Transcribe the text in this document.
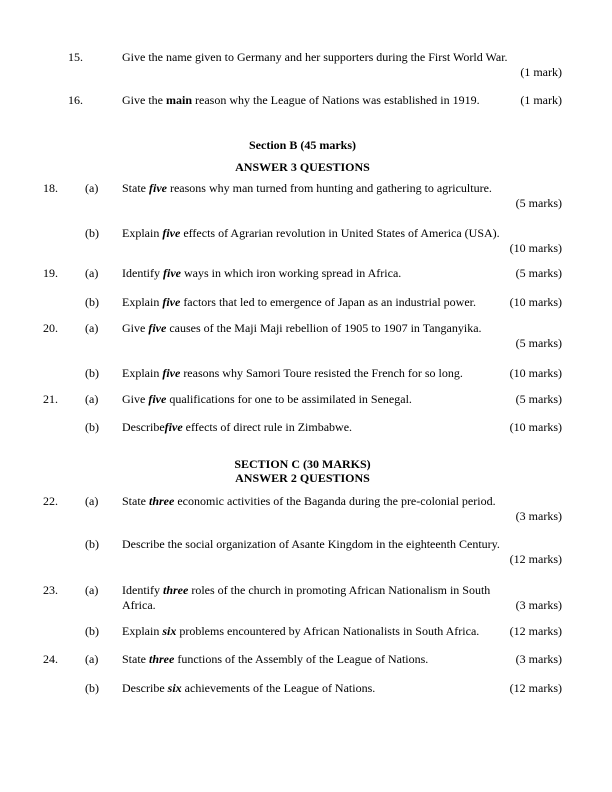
15.	Give the name given to Germany and her supporters during the First World War.
(1 mark)
16.	Give the main reason why the League of Nations was established in 1919.	(1 mark)
Section B (45 marks)
ANSWER 3 QUESTIONS
18.	(a)	State five reasons why man turned from hunting and gathering to agriculture.
(5 marks)
(b)	Explain five effects of Agrarian revolution in United States of America (USA).
(10 marks)
19.	(a)	Identify five ways in which iron working spread in Africa.	(5 marks)
(b)	Explain five factors that led to emergence of Japan as an industrial power.	(10 marks)
20.	(a)	Give five causes of the Maji Maji rebellion of 1905 to 1907 in Tanganyika.
(5 marks)
(b)	Explain five reasons why Samori Toure resisted the French for so long.	(10 marks)
21.	(a)	Give five qualifications for one to be assimilated in Senegal.	(5 marks)
(b)	Describefive effects of direct rule in Zimbabwe.	(10 marks)
SECTION C (30 MARKS)
ANSWER 2 QUESTIONS
22.	(a)	State three economic activities of the Baganda during the pre-colonial period.
(3 marks)
(b)	Describe the social organization of Asante Kingdom in the eighteenth Century.
(12 marks)
23.	(a)	Identify three roles of the church in promoting African Nationalism in South
Africa.	(3 marks)
(b)	Explain six problems encountered by African Nationalists in South Africa.	(12 marks)
24.	(a)	State three functions of the Assembly of the League of Nations.	(3 marks)
(b)	Describe six achievements of the League of Nations.	(12 marks)
